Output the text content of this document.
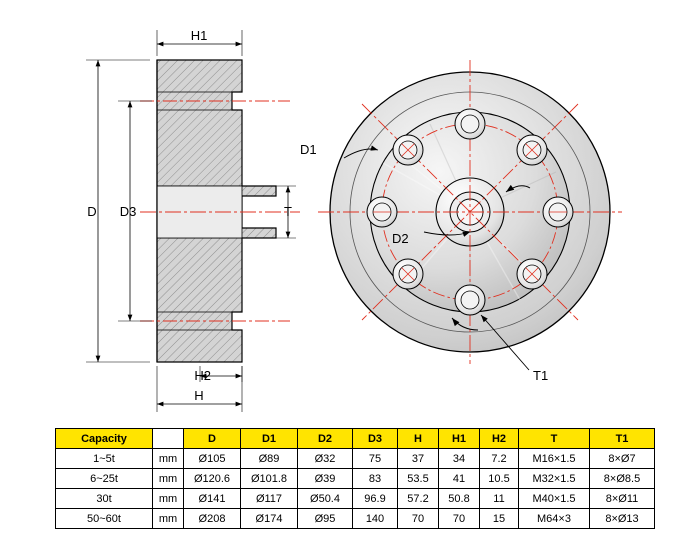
H1
D D3	T
H2
H
D1
D2
T1
Capacity		D	D1	D2	D3	H	H1	H2	T	T1
1~5t	mm	Ø105	Ø89	Ø32	75	37	34	7.2	M16×1.5	8×Ø7
6~25t	mm	Ø120.6	Ø101.8	Ø39	83	53.5	41	10.5	M32×1.5	8×Ø8.5
30t	mm	Ø141	Ø117	Ø50.4	96.9	57.2	50.8	11	M40×1.5	8×Ø11
50~60t	mm	Ø208	Ø174	Ø95	140	70	70	15	M64×3	8×Ø13
